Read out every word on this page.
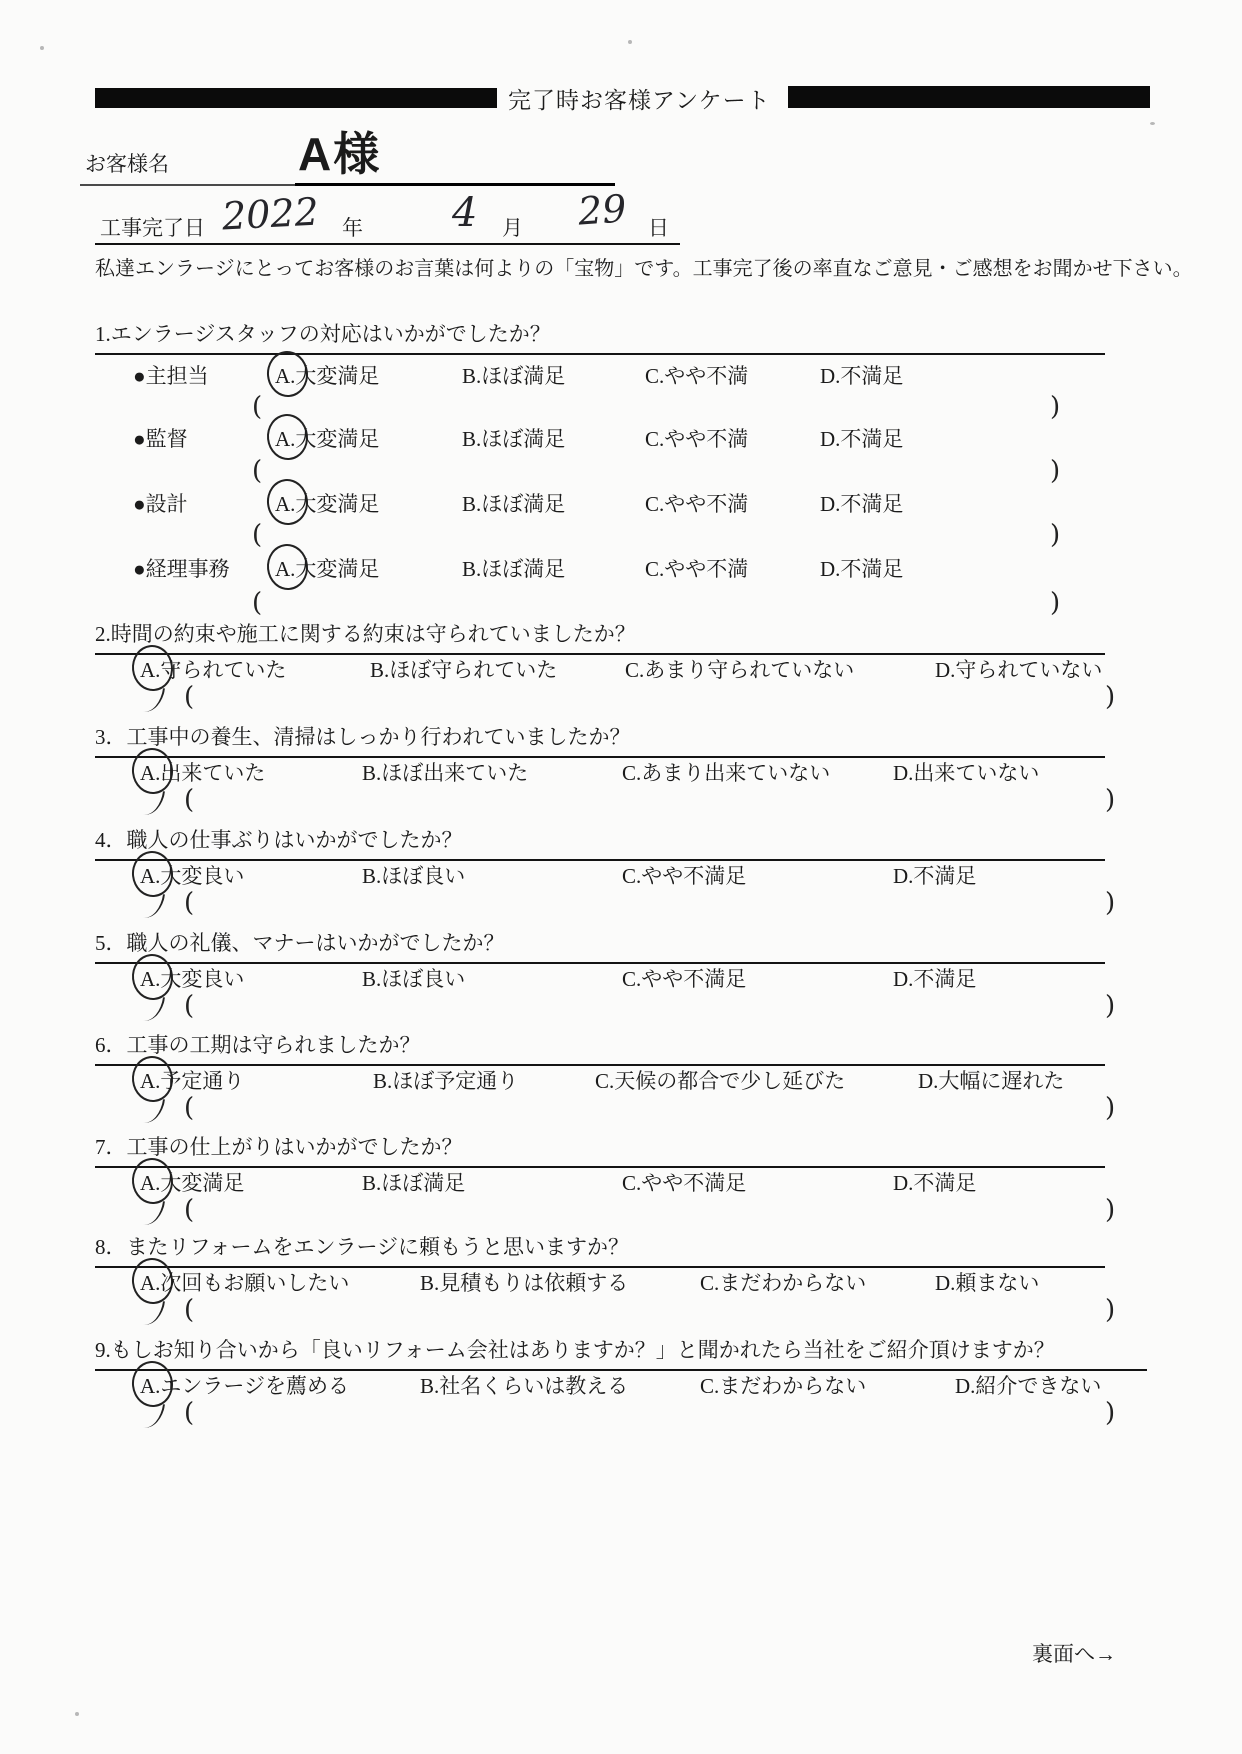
完了時お客様アンケート
お客様名	A様
工事完了日 2022 年 4 月 29 日
私達エンラージにとってお客様のお言葉は何よりの「宝物」です。工事完了後の率直なご意見・ご感想をお聞かせ下さい。
1.エンラージスタッフの対応はいかがでしたか？
●主担当	A.大変満足	B.ほぼ満足	C.やや不満	D.不満足
(	)
●監督	A.大変満足	B.ほぼ満足	C.やや不満	D.不満足
(	)
●設計	A.大変満足	B.ほぼ満足	C.やや不満	D.不満足
(	)
●経理事務 A.大変満足	B.ほぼ満足	C.やや不満	D.不満足
(	)
2.時間の約束や施工に関する約束は守られていましたか？
A.守られていた	B.ほぼ守られていた	C.あまり守られていない	D.守られていない
(	)
3．工事中の養生、清掃はしっかり行われていましたか？
A.出来ていた	B.ほぼ出来ていた	C.あまり出来ていない	D.出来ていない
(	)
4．職人の仕事ぶりはいかがでしたか？
A.大変良い	B.ほぼ良い	C.やや不満足	D.不満足
(	)
5．職人の礼儀、マナーはいかがでしたか？
A.大変良い	B.ほぼ良い	C.やや不満足	D.不満足
(	)
6．工事の工期は守られましたか？
A.予定通り	B.ほぼ予定通り	C.天候の都合で少し延びた	D.大幅に遅れた
(	)
7．工事の仕上がりはいかがでしたか？
A.大変満足	B.ほぼ満足	C.やや不満足	D.不満足
(	)
8．またリフォームをエンラージに頼もうと思いますか？
A.次回もお願いしたい	B.見積もりは依頼する	C.まだわからない	D.頼まない
(	)
9.もしお知り合いから「良いリフォーム会社はありますか？」と聞かれたら当社をご紹介頂けますか？
A.エンラージを薦める	B.社名くらいは教える	C.まだわからない	D.紹介できない
(	)
裏面へ→
